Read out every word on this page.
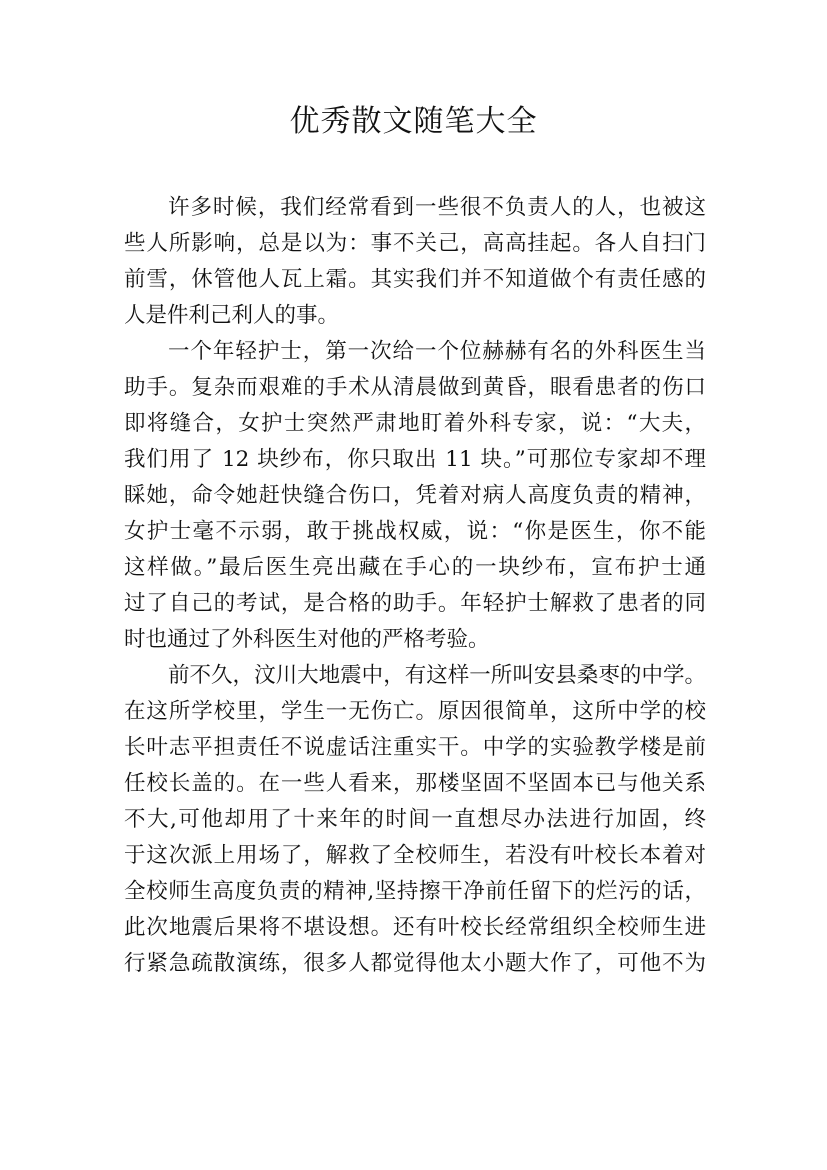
优秀散文随笔大全
许多时候，我们经常看到一些很不负责人的人，也被这
些人所影响，总是以为：事不关己，高高挂起。各人自扫门
前雪，休管他人瓦上霜。其实我们并不知道做个有责任感的
人是件利己利人的事。
一个年轻护士，第一次给一个位赫赫有名的外科医生当
助手。复杂而艰难的手术从清晨做到黄昏，眼看患者的伤口
即将缝合，女护士突然严肃地盯着外科专家，说：“大夫，
我们用了 12 块纱布，你只取出 11 块。”可那位专家却不理
睬她，命令她赶快缝合伤口，凭着对病人高度负责的精神，
女护士毫不示弱，敢于挑战权威，说：“你是医生，你不能
这样做。”最后医生亮出藏在手心的一块纱布，宣布护士通
过了自己的考试，是合格的助手。年轻护士解救了患者的同
时也通过了外科医生对他的严格考验。
前不久，汶川大地震中，有这样一所叫安县桑枣的中学。
在这所学校里，学生一无伤亡。原因很简单，这所中学的校
长叶志平担责任不说虚话注重实干。中学的实验教学楼是前
任校长盖的。在一些人看来，那楼坚固不坚固本已与他关系
不大,可他却用了十来年的时间一直想尽办法进行加固，终
于这次派上用场了，解救了全校师生，若没有叶校长本着对
全校师生高度负责的精神,坚持擦干净前任留下的烂污的话，
此次地震后果将不堪设想。还有叶校长经常组织全校师生进
行紧急疏散演练，很多人都觉得他太小题大作了，可他不为
